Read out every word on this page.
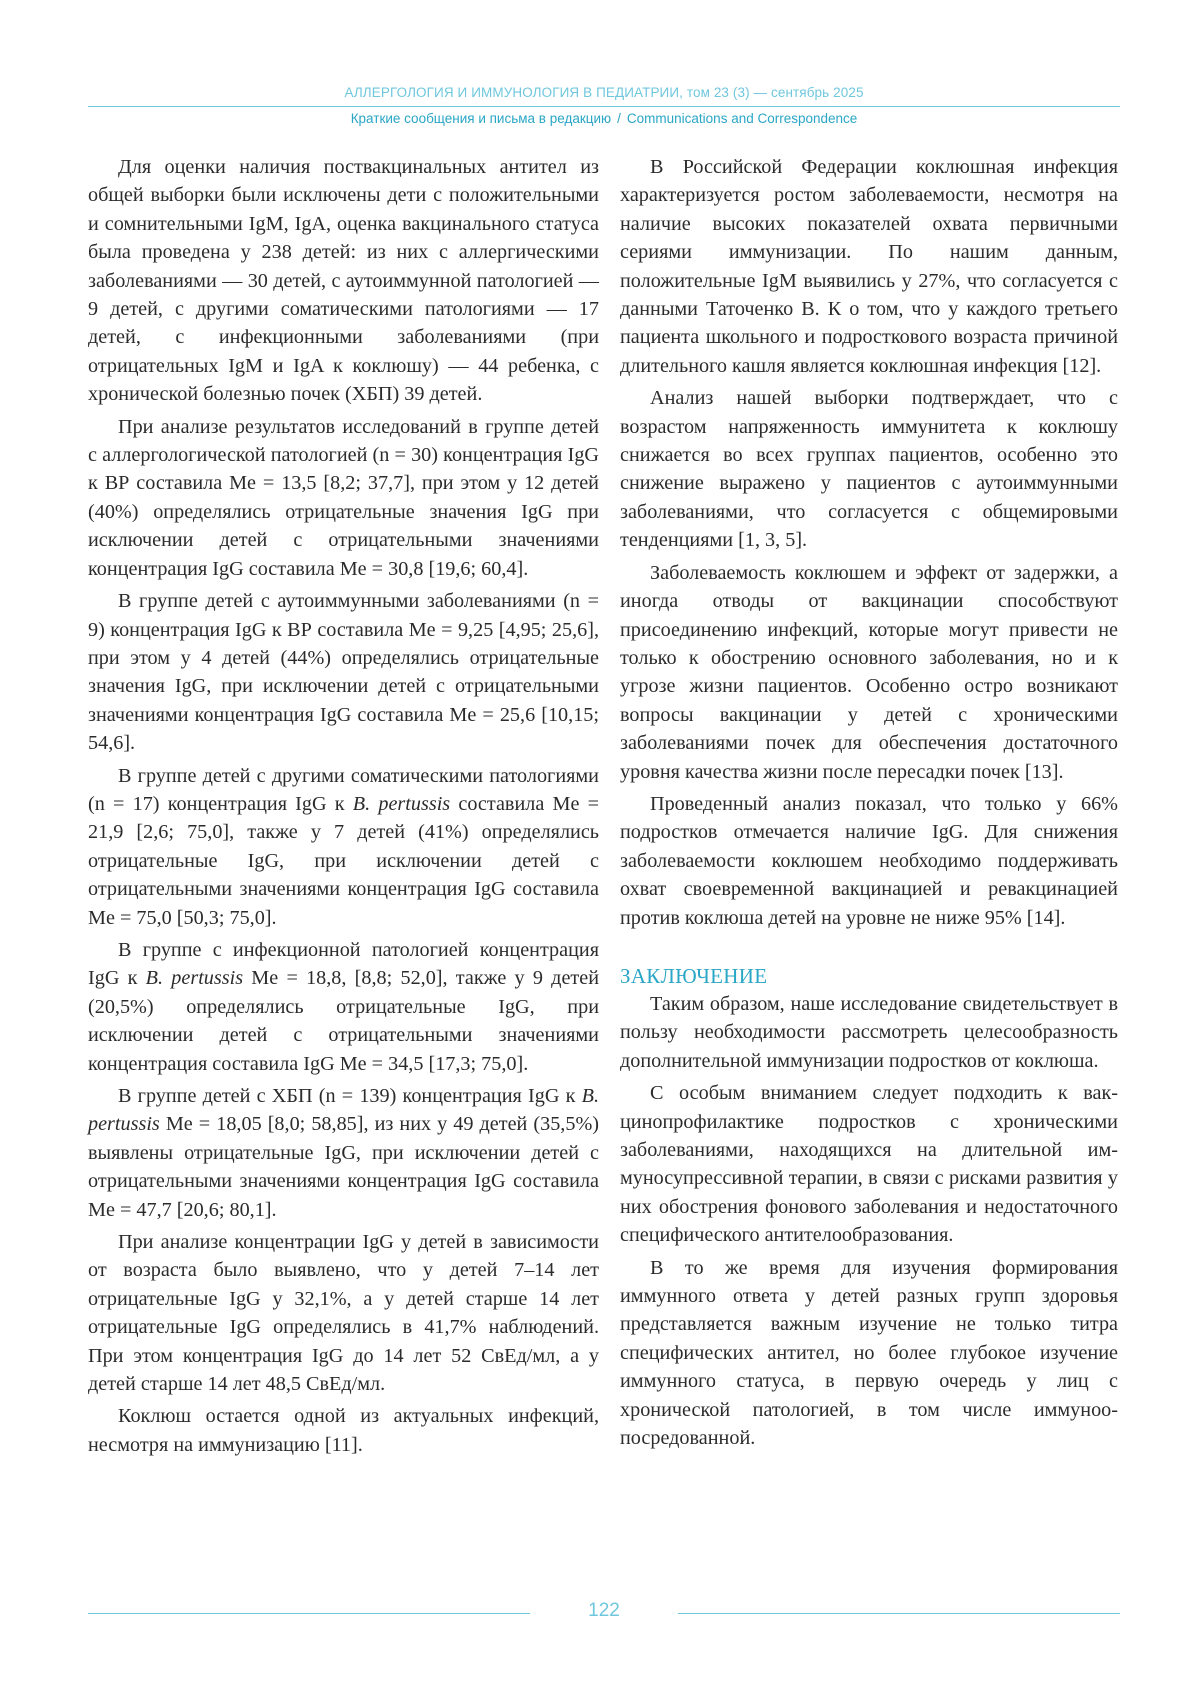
АЛЛЕРГОЛОГИЯ И ИММУНОЛОГИЯ В ПЕДИАТРИИ, том 23 (3) — сентябрь 2025
Краткие сообщения и письма в редакцию / Communications and Correspondence

Для оценки наличия поствакцинальных антител из общей выборки были исключены дети с положительными и сомнительными IgM, IgA, оценка вакцинального статуса была проведена у 238 детей: из них с аллергическими заболеваниями — 30 детей, с аутоиммунной патологией — 9 детей, с другими соматическими патологиями — 17 детей, с инфекционными заболеваниями (при отрицательных IgM и IgA к коклюшу) — 44 ребенка, с хронической болезнью почек (ХБП) 39 детей.

При анализе результатов исследований в группе детей с аллергологической патологией (n = 30) концентрация IgG к ВР составила Me = 13,5 [8,2; 37,7], при этом у 12 детей (40%) определялись отрицательные значения IgG при исключении детей с отрицательными значениями концентрация IgG составила Me = 30,8 [19,6; 60,4].

В группе детей с аутоиммунными заболеваниями (n = 9) концентрация IgG к ВР составила Me = 9,25 [4,95; 25,6], при этом у 4 детей (44%) определялись отрицательные значения IgG, при исключении детей с отрицательными значениями концентрация IgG составила Me = 25,6 [10,15; 54,6].

В группе детей с другими соматическими патологиями (n = 17) концентрация IgG к B. pertussis составила Me = 21,9 [2,6; 75,0], также у 7 детей (41%) определялись отрицательные IgG, при исключении детей с отрицательными значениями концентрация IgG составила Me = 75,0 [50,3; 75,0].

В группе с инфекционной патологией концентрация IgG к B. pertussis Me = 18,8, [8,8; 52,0], также у 9 детей (20,5%) определялись отрицательные IgG, при исключении детей с отрицательными значениями концентрация составила IgG Me = 34,5 [17,3; 75,0].

В группе детей с ХБП (n = 139) концентрация IgG к B. pertussis Me = 18,05 [8,0; 58,85], из них у 49 детей (35,5%) выявлены отрицательные IgG, при исключении детей с отрицательными значениями концентрация IgG составила Me = 47,7 [20,6; 80,1].

При анализе концентрации IgG у детей в зависимости от возраста было выявлено, что у детей 7–14 лет отрицательные IgG у 32,1%, а у детей старше 14 лет отрицательные IgG определялись в 41,7% наблюдений. При этом концентрация IgG до 14 лет 52 СвЕд/мл, а у детей старше 14 лет 48,5 СвЕд/мл.

Коклюш остается одной из актуальных инфекций, несмотря на иммунизацию [11].

В Российской Федерации коклюшная инфекция характеризуется ростом заболеваемости, несмотря на наличие высоких показателей охвата первичными сериями иммунизации. По нашим данным, положительные IgM выявились у 27%, что согласуется с данными Таточенко В. К о том, что у каждого третьего пациента школьного и подросткового возраста причиной длительного кашля является коклюшная инфекция [12].

Анализ нашей выборки подтверждает, что с возрастом напряженность иммунитета к коклюшу снижается во всех группах пациентов, особенно это снижение выражено у пациентов с аутоиммунными заболеваниями, что согласуется с общемировыми тенденциями [1, 3, 5].

Заболеваемость коклюшем и эффект от задержки, а иногда отводы от вакцинации способствуют присоединению инфекций, которые могут привести не только к обострению основного заболевания, но и к угрозе жизни пациентов. Особенно остро возникают вопросы вакцинации у детей с хроническими заболеваниями почек для обеспечения достаточного уровня качества жизни после пересадки почек [13].

Проведенный анализ показал, что только у 66% подростков отмечается наличие IgG. Для снижения заболеваемости коклюшем необходимо поддерживать охват своевременной вакцинацией и ревакцинацией против коклюша детей на уровне не ниже 95% [14].

ЗАКЛЮЧЕНИЕ

Таким образом, наше исследование свидетельствует в пользу необходимости рассмотреть целесообразность дополнительной иммунизации подростков от коклюша.

С особым вниманием следует подходить к вакцинопрофилактике подростков с хроническими заболеваниями, находящихся на длительной иммуносупрессивной терапии, в связи с рисками развития у них обострения фонового заболевания и недостаточного специфического антителообразования.

В то же время для изучения формирования иммунного ответа у детей разных групп здоровья представляется важным изучение не только титра специфических антител, но более глубокое изучение иммунного статуса, в первую очередь у лиц с хронической патологией, в том числе иммуноопосредованной.

122
